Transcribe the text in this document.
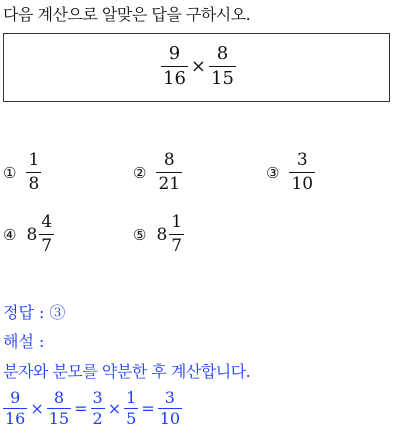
다음 계산으로 알맞은 답을 구하시오.
$\frac{9}{16} \times \frac{8}{15}$
① $\frac{1}{8}$	② $\frac{8}{21}$	③ $\frac{3}{10}$
④ $8 \frac{4}{7}$	⑤ $8 \frac{1}{7}$
정답 : ③
해설 :
분자와 분모를 약분한 후 계산합니다.
$\frac{9}{16} \times \frac{8}{15} = \frac{3}{2} \times \frac{1}{5} = \frac{3}{10}$
